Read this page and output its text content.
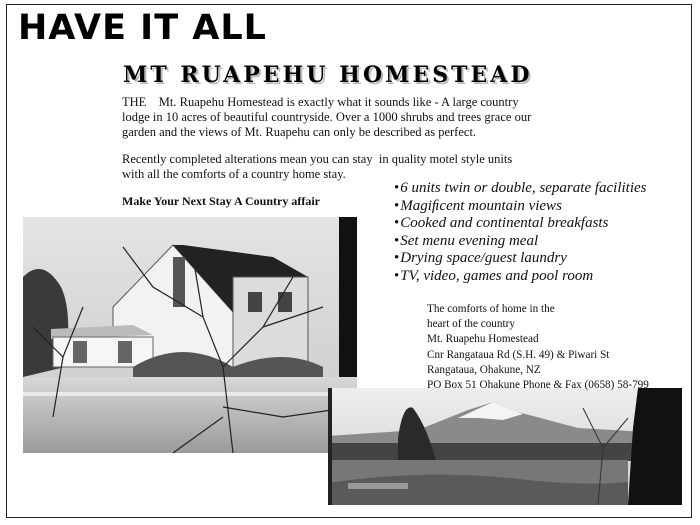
HAVE IT ALL
MT RUAPEHU HOMESTEAD

THE    Mt. Ruapehu Homestead is exactly what it sounds like - A large country
lodge in 10 acres of beautiful countryside. Over a 1000 shrubs and trees grace our
garden and the views of Mt. Ruapehu can only be described as perfect.

Recently completed alterations mean you can stay  in quality motel style units
with all the comforts of a country home stay.

Make Your Next Stay A Country affair

• 6 units twin or double, separate facilities
• Magiﬁcent mountain views
• Cooked and continental breakfasts
• Set menu evening meal
• Drying space/guest laundry
• TV, video, games and pool room

The comforts of home in the
heart of the country
Mt. Ruapehu Homestead
Cnr Rangataua Rd (S.H. 49) & Piwari St
Rangataua, Ohakune, NZ
PO Box 51 Ohakune Phone & Fax (0658) 58-799
